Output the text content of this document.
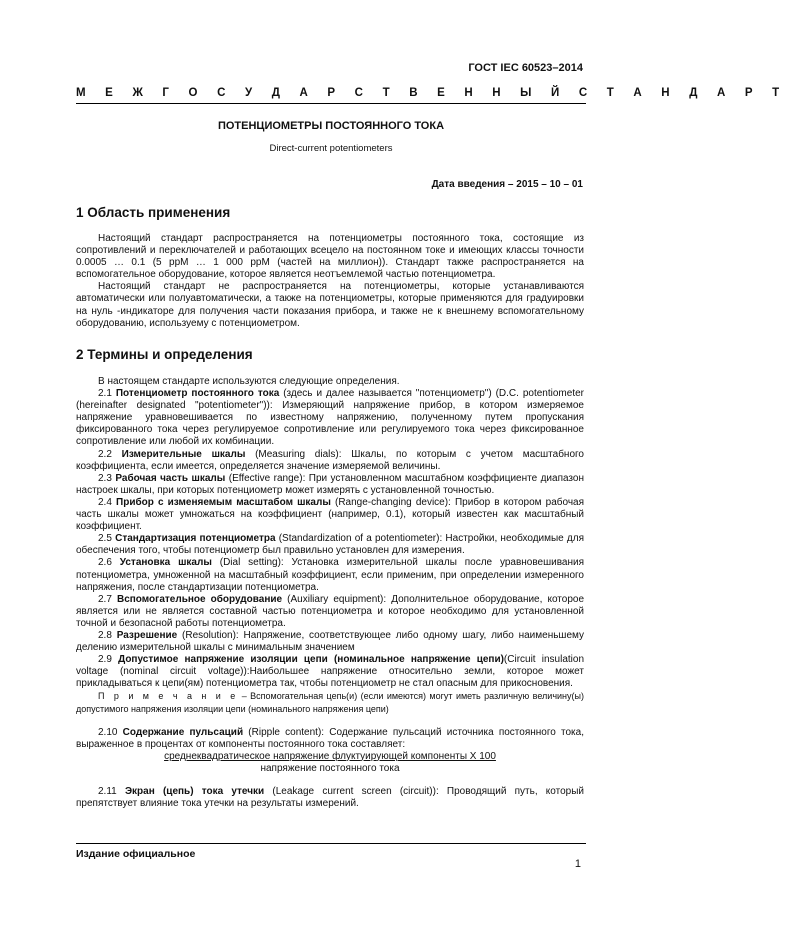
ГОСТ IEC 60523–2014
М Е Ж Г О С У Д А Р С Т В Е Н Н Ы Й С Т А Н Д А Р Т
ПОТЕНЦИОМЕТРЫ ПОСТОЯННОГО ТОКА
Direct-current potentiometers
Дата введения – 2015 – 10 – 01
1 Область применения

Настоящий стандарт распространяется на потенциометры постоянного тока, состоящие из сопротивлений и переключателей и работающих всецело на постоянном токе и имеющих классы точности 0.0005 … 0.1 (5 ppM … 1 000 ppM (частей на миллион)). Стандарт также распространяется на вспомогательное оборудование, которое является неотъемлемой частью потенциометра.

Настоящий стандарт не распространяется на потенциометры, которые устанавливаются автоматически или полуавтоматически, а также на потенциометры, которые применяются для градуировки на нуль -индикаторе для получения части показания прибора, и также не к внешнему вспомогательному оборудованию, используему с потенциометром.

2 Термины и определения

В настоящем стандарте используются следующие определения.

2.1 Потенциометр постоянного тока (здесь и далее называется "потенциометр") (D.C. potentiometer (hereinafter designated "potentiometer")): Измеряющий напряжение прибор, в котором измеряемое напряжение уравновешивается по известному напряжению, полученному путем пропускания фиксированного тока через регулируемое сопротивление или регулируемого тока через фиксированное сопротивление или любой их комбинации.

2.2 Измерительные шкалы (Measuring dials): Шкалы, по которым с учетом масштабного коэффициента, если имеется, определяется значение измеряемой величины.

2.3 Рабочая часть шкалы (Effective range): При установленном масштабном коэффициенте диапазон настроек шкалы, при которых потенциометр может измерять с установленной точностью.

2.4 Прибор с изменяемым масштабом шкалы (Range-changing device): Прибор в котором рабочая часть шкалы может умножаться на коэффициент (например, 0.1), который известен как масштабный коэффициент.

2.5 Стандартизация потенциометра (Standardization of a potentiometer): Настройки, необходимые для обеспечения того, чтобы потенциометр был правильно установлен для измерения.

2.6 Установка шкалы (Dial setting): Установка измерительной шкалы после уравновешивания потенциометра, умноженной на масштабный коэффициент, если применим, при определении измеренного напряжения, после стандартизации потенциометра.

2.7 Вспомогательное оборудование (Auxiliary equipment): Дополнительное оборудование, которое является или не является составной частью потенциометра и которое необходимо для установленной точной и безопасной работы потенциометра.

2.8 Разрешение (Resolution): Напряжение, соответствующее либо одному шагу, либо наименьшему делению измерительной шкалы с минимальным значением

2.9 Допустимое напряжение изоляции цепи (номинальное напряжение цепи)(Circuit insulation voltage (nominal circuit voltage)):Наибольшее напряжение относительно земли, которое может прикладываться к цепи(ям) потенциометра так, чтобы потенциометр не стал опасным для прикосновения.

П р и м е ч а н и е – Вспомогательная цепь(и) (если имеются) могут иметь различную величину(ы) допустимого напряжения изоляции цепи (номинального напряжения цепи)

2.10 Содержание пульсаций (Ripple content): Содержание пульсаций источника постоянного тока, выраженное в процентах от компоненты постоянного тока составляет:

среднеквадратическое напряжение флуктуирующей компоненты X 100

напряжение постоянного тока

2.11 Экран (цепь) тока утечки (Leakage current screen (circuit)): Проводящий путь, который препятствует влияние тока утечки на результаты измерений.

Издание официальное
1
